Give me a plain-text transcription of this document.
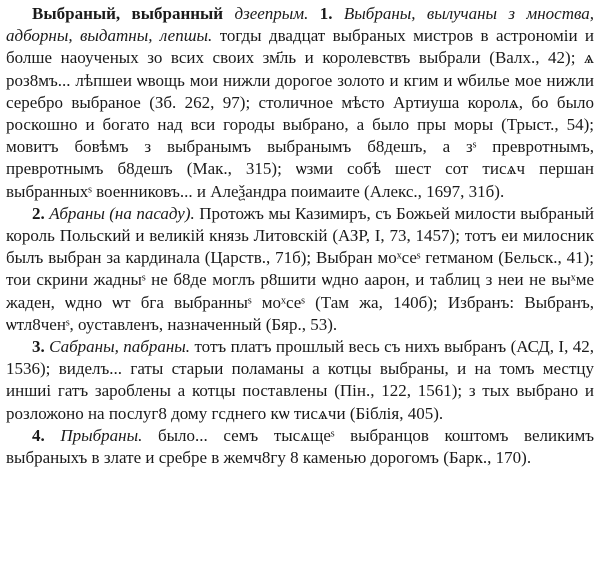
Выбраный, выбранный дзеепрым. 1. Выбраны, вылучаны з мноства, адборны, выдатны, лепшы. тогды двадцат выбраных мистров в астрономіи и болше наоученых зо всих своих зм҃ль и королевствъ выбрали (Валх., 42); ѧ роз8мъ... лѣпшеи ѡвощь мои нижли дорогое золото и кгим и ѡбилье мое нижли серебро выбраное (Зб. 262, 97); столичное мѣсто Артиуша королѧ, бо было роскошно и богато над вси городы выбрано, а было пры моры (Трыст., 54); мовитъ бовѣмъ з выбранымъ выбранымъ б8дешъ, а зˢ превротнымъ, превротнымъ б8дешъ (Мак., 315); ѡзми собѣ шест сот тисѧч першан выбранныхˢ военниковъ... и Алеѯандра поимаите (Алекс., 1697, 31б).

2. Абраны (на пасаду). Протожъ мы Казимиръ, съ Божьей милости выбраный король Польский и великій князь Литовскій (АЗР, І, 73, 1457); тотъ еи милосник былъ выбран за кардинала (Царств., 71б); Выбран моˣсеˢ гетманом (Бельск., 41); тои скрини жадныˢ не б8де моглъ р8шити ѡдно аарон, и таблиц з неи не выˣме жаден, ѡдно ѡт бга выбранныˢ моˣсеˢ (Там жа, 140б); Избранъ: Выбранъ, ѡтл8ченˢ, оуставленъ, назначенный (Бяр., 53).

3. Сабраны, пабраны. тотъ платъ прошлый весь съ нихъ выбранъ (АСД, І, 42, 1536); виделъ... гаты старыи поламаны а котцы выбраны, и на томъ местцу иншиі гатъ зароблены а котцы поставлены (Пін., 122, 1561); з тых выбрано и розложоно на послуг8 дому гсднего кѡ тисѧчи (Біблія, 405).

4. Прыбраны. было... семъ тысѧщеˢ выбранцов коштомъ великимъ выбраныхъ в злате и сребре в жемч8гу 8 каменью дорогомъ (Барк., 170).
